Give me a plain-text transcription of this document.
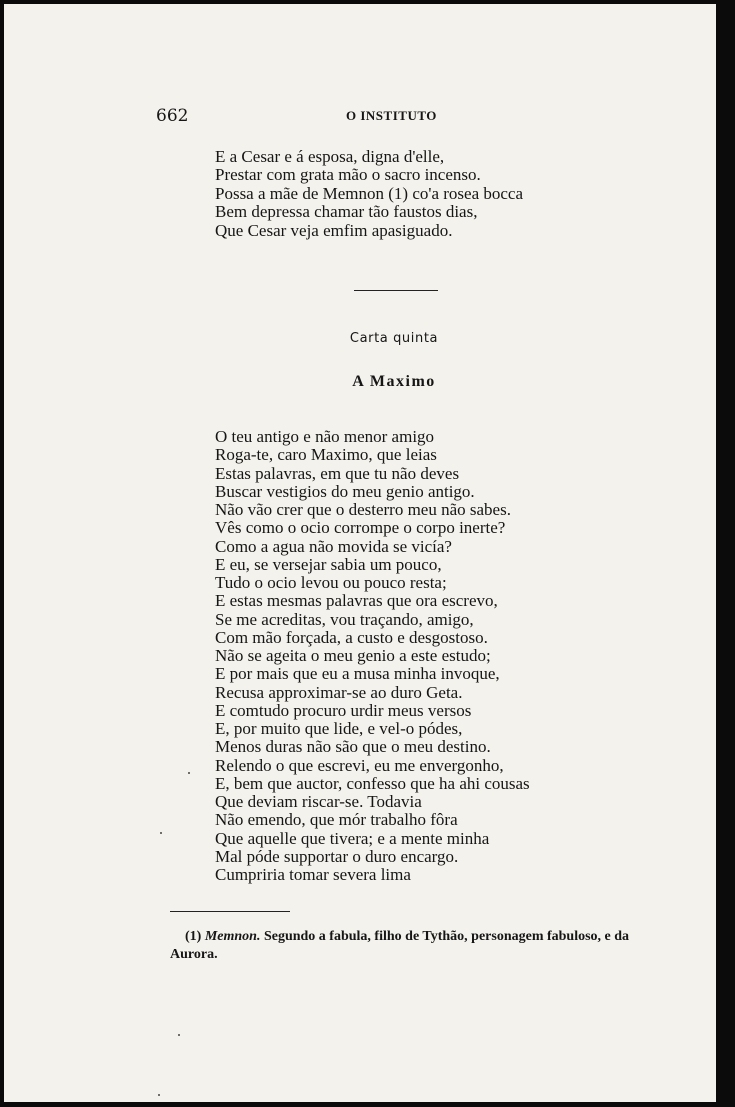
662	O INSTITUTO
E a Cesar e á esposa, digna d'elle,
Prestar com grata mão o sacro incenso.
Possa a mãe de Memnon (1) co'a rosea bocca
Bem depressa chamar tão faustos dias,
Que Cesar veja emfim apasiguado.
Carta quinta
A Maximo
O teu antigo e não menor amigo
Roga-te, caro Maximo, que leias
Estas palavras, em que tu não deves
Buscar vestigios do meu genio antigo.
Não vão crer que o desterro meu não sabes.
Vês como o ocio corrompe o corpo inerte?
Como a agua não movida se vicía?
E eu, se versejar sabia um pouco,
Tudo o ocio levou ou pouco resta;
E estas mesmas palavras que ora escrevo,
Se me acreditas, vou traçando, amigo,
Com mão forçada, a custo e desgostoso.
Não se ageita o meu genio a este estudo;
E por mais que eu a musa minha invoque,
Recusa approximar-se ao duro Geta.
E comtudo procuro urdir meus versos
E, por muito que lide, e vel-o pódes,
Menos duras não são que o meu destino.
Relendo o que escrevi, eu me envergonho,
E, bem que auctor, confesso que ha ahi cousas
Que deviam riscar-se. Todavia
Não emendo, que mór trabalho fôra
Que aquelle que tivera; e a mente minha
Mal póde supportar o duro encargo.
Cumpriria tomar severa lima
(1) Memnon. Segundo a fabula, filho de Tythão, personagem fabuloso, e da Aurora.
